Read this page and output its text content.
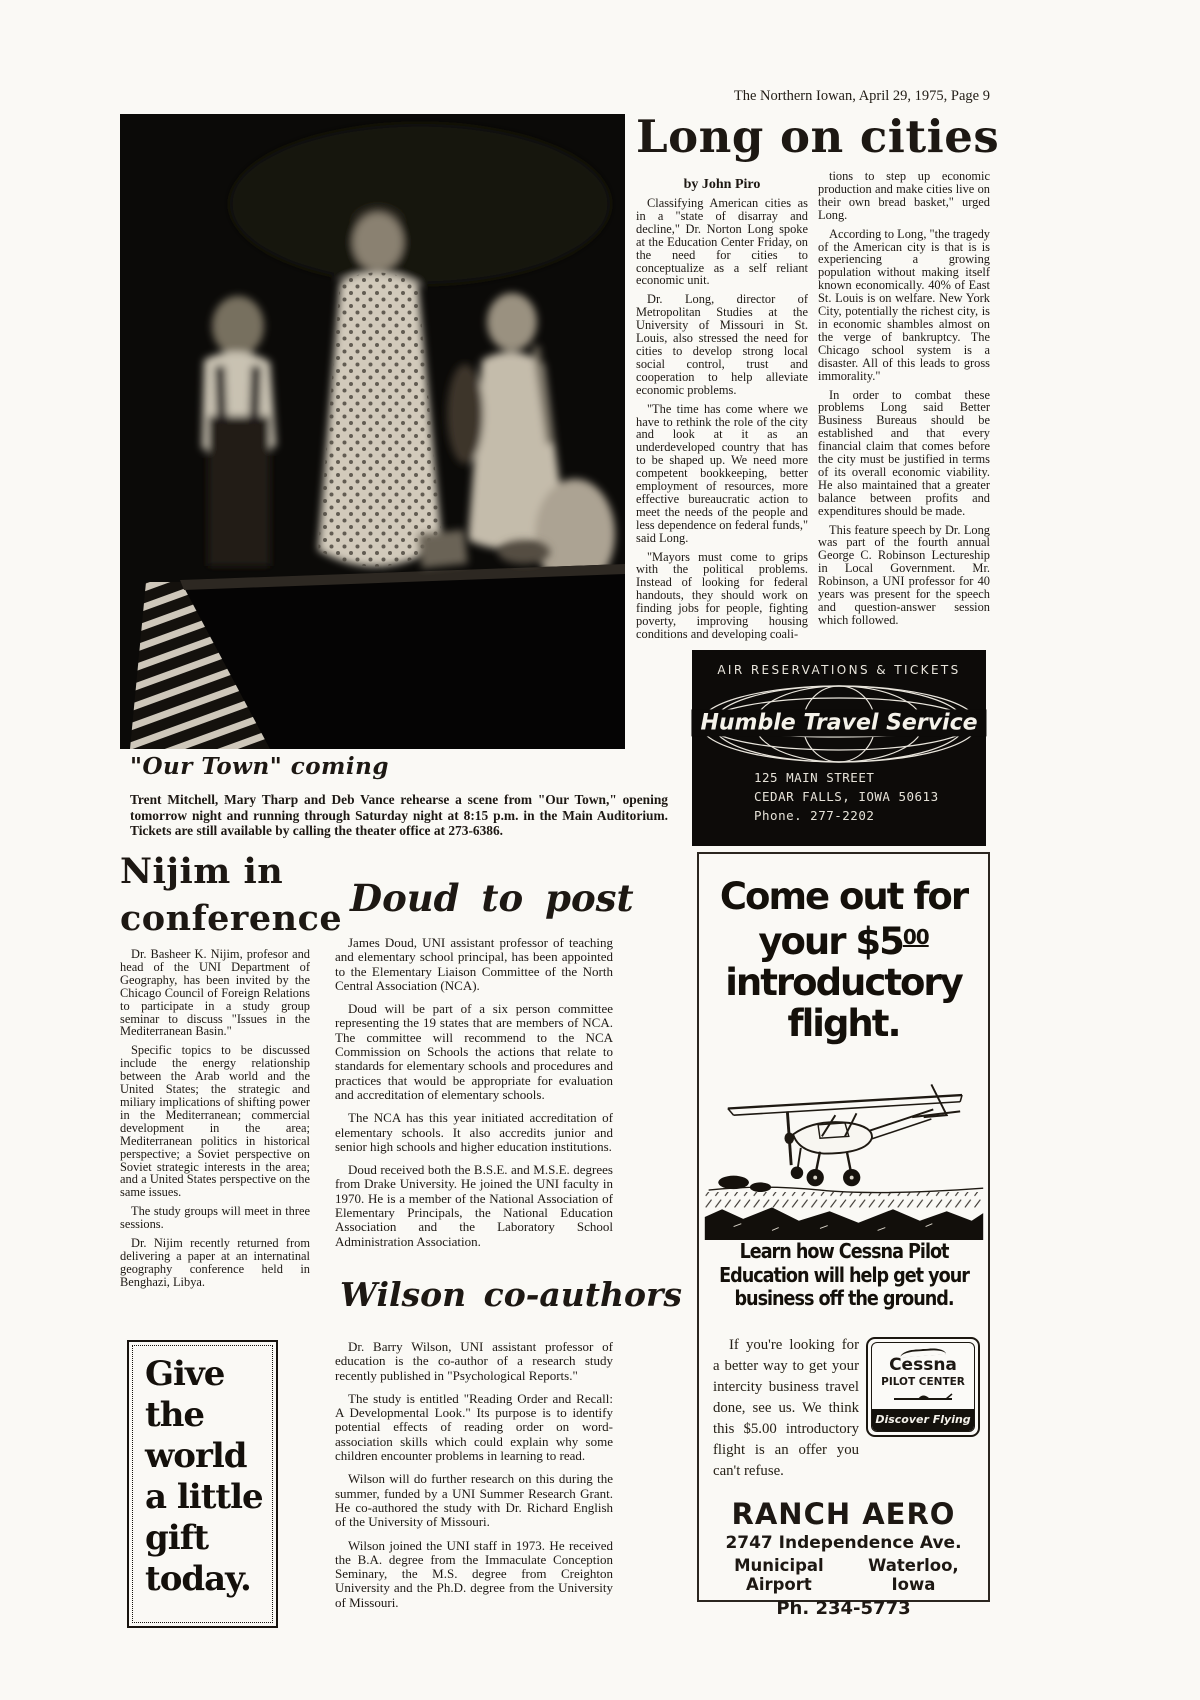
The Northern Iowan, April 29, 1975, Page 9
"Our Town" coming
Trent Mitchell, Mary Tharp and Deb Vance rehearse a scene from "Our Town," opening tomorrow night and running through Saturday night at 8:15 p.m. in the Main Auditorium. Tickets are still available by calling the theater office at 273-6386.
Long on cities
by John Piro

Classifying American cities as in a "state of disarray and decline," Dr. Norton Long spoke at the Education Center Friday, on the need for cities to conceptualize as a self reliant economic unit.

Dr. Long, director of Metropolitan Studies at the University of Missouri in St. Louis, also stressed the need for cities to develop strong local social control, trust and cooperation to help alleviate economic problems.

"The time has come where we have to rethink the role of the city and look at it as an underdeveloped country that has to be shaped up. We need more competent bookkeeping, better employment of resources, more effective bureaucratic action to meet the needs of the people and less dependence on federal funds," said Long.

"Mayors must come to grips with the political problems. Instead of looking for federal handouts, they should work on finding jobs for people, fighting poverty, improving housing conditions and developing coali-

tions to step up economic production and make cities live on their own bread basket," urged Long.

According to Long, "the tragedy of the American city is that is is experiencing a growing population without making itself known economically. 40% of East St. Louis is on welfare. New York City, potentially the richest city, is in economic shambles almost on the verge of bankruptcy. The Chicago school system is a disaster. All of this leads to gross immorality."

In order to combat these problems Long said Better Business Bureaus should be established and that every financial claim that comes before the city must be justified in terms of its overall economic viability. He also maintained that a greater balance between profits and expenditures should be made.

This feature speech by Dr. Long was part of the fourth annual George C. Robinson Lectureship in Local Government. Mr. Robinson, a UNI professor for 40 years was present for the speech and question-answer session which followed.

AIR RESERVATIONS & TICKETS
Humble Travel Service
125 MAIN STREET
CEDAR FALLS, IOWA 50613
Phone. 277-2202
Nijim in
conference

Dr. Basheer K. Nijim, profesor and head of the UNI Department of Geography, has been invited by the Chicago Council of Foreign Relations to participate in a study group seminar to discuss "Issues in the Mediterranean Basin."

Specific topics to be discussed include the energy relationship between the Arab world and the United States; the strategic and miliary implications of shifting power in the Mediterranean; commercial development in the area; Mediterranean politics in historical perspective; a Soviet perspective on Soviet strategic interests in the area; and a United States perspective on the same issues.

The study groups will meet in three sessions.

Dr. Nijim recently returned from delivering a paper at an internatinal geography conference held in Benghazi, Libya.

Doud to post

James Doud, UNI assistant professor of teaching and elementary school principal, has been appointed to the Elementary Liaison Committee of the North Central Association (NCA).

Doud will be part of a six person committee representing the 19 states that are members of NCA. The committee will recommend to the NCA Commission on Schools the actions that relate to standards for elementary schools and procedures and practices that would be appropriate for evaluation and accreditation of elementary schools.

The NCA has this year initiated accreditation of elementary schools. It also accredits junior and senior high schools and higher education institutions.

Doud received both the B.S.E. and M.S.E. degrees from Drake University. He joined the UNI faculty in 1970. He is a member of the National Association of Elementary Principals, the National Education Association and the Laboratory School Administration Association.

Wilson co-authors

Dr. Barry Wilson, UNI assistant professor of education is the co-author of a research study recently published in "Psychological Reports."

The study is entitled "Reading Order and Recall: A Developmental Look." Its purpose is to identify potential effects of reading order on word-association skills which could explain why some children encounter problems in learning to read.

Wilson will do further research on this during the summer, funded by a UNI Summer Research Grant. He co-authored the study with Dr. Richard English of the University of Missouri.

Wilson joined the UNI staff in 1973. He received the B.A. degree from the Immaculate Conception Seminary, the M.S. degree from Creighton University and the Ph.D. degree from the University of Missouri.

Give
the
world
a little
gift
today.
Come out for
your $\$5^{00}$
introductory
flight.
Learn how Cessna Pilot
Education will help get your
business off the ground.

If you're looking for a better way to get your intercity business travel done, see us. We think this $5.00 introductory flight is an offer you can't refuse.

Cessna
PILOT CENTER
Discover Flying
RANCH AERO
2747 Independence Ave.
Municipal Airport
Waterloo, Iowa
Ph. 234-5773
